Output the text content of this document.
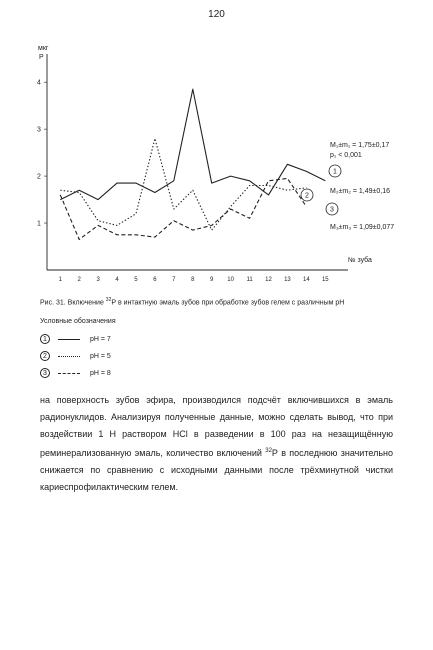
120
мкг
P
1
2
3
4
1	2	3	4	5	6	7	8	9 10 11 12 13 14 15
1
M₁±m₁ = 1,75±0,17
p₁ < 0,001
2
M₂±m₂ = 1,49±0,16
3
M₃±m₃ = 1,09±0,077
№ зуба
Рис. 31. Включение $^{32}$Р в интактную эмаль зубов при обработке зубов гелем с различным pH
Условные обозначения
1	pH = 7
2	pH = 5
3	pH = 8
на поверхность зубов эфира, производился подсчёт включившихся в эмаль радионуклидов. Анализируя полученные данные, можно сделать вывод, что при воздействии 1 Н раствором HCl в разведении в 100 раз на незащищённую реминерализованную эмаль, количество включений $^{32}$Р в последнюю значительно снижается по сравнению с исходными данными после трёхминутной чистки кариеспрофилактическим гелем.
